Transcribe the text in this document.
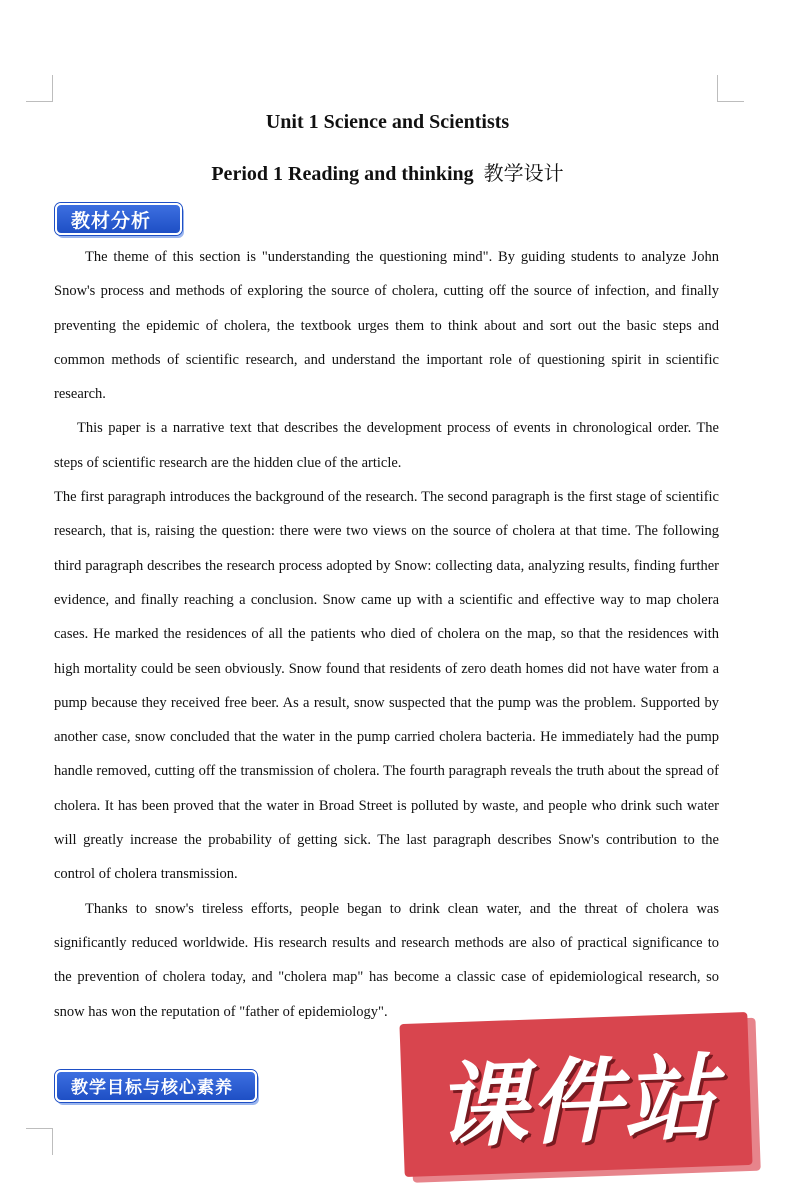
Unit 1 Science and Scientists
Period 1 Reading and thinking 教学设计
教材分析

The theme of this section is "understanding the questioning mind". By guiding students to analyze John Snow's process and methods of exploring the source of cholera, cutting off the source of infection, and finally preventing the epidemic of cholera, the textbook urges them to think about and sort out the basic steps and common methods of scientific research, and understand the important role of questioning spirit in scientific research.

This paper is a narrative text that describes the development process of events in chronological order. The steps of scientific research are the hidden clue of the article.

The first paragraph introduces the background of the research. The second paragraph is the first stage of scientific research, that is, raising the question: there were two views on the source of cholera at that time. The following third paragraph describes the research process adopted by Snow: collecting data, analyzing results, finding further evidence, and finally reaching a conclusion. Snow came up with a scientific and effective way to map cholera cases. He marked the residences of all the patients who died of cholera on the map, so that the residences with high mortality could be seen obviously. Snow found that residents of zero death homes did not have water from a pump because they received free beer. As a result, snow suspected that the pump was the problem. Supported by another case, snow concluded that the water in the pump carried cholera bacteria. He immediately had the pump handle removed, cutting off the transmission of cholera. The fourth paragraph reveals the truth about the spread of cholera. It has been proved that the water in Broad Street is polluted by waste, and people who drink such water will greatly increase the probability of getting sick. The last paragraph describes Snow's contribution to the control of cholera transmission.

Thanks to snow's tireless efforts, people began to drink clean water, and the threat of cholera was significantly reduced worldwide. His research results and research methods are also of practical significance to the prevention of cholera today, and "cholera map" has become a classic case of epidemiological research, so snow has won the reputation of "father of epidemiology".

教学目标与核心素养	课件站
